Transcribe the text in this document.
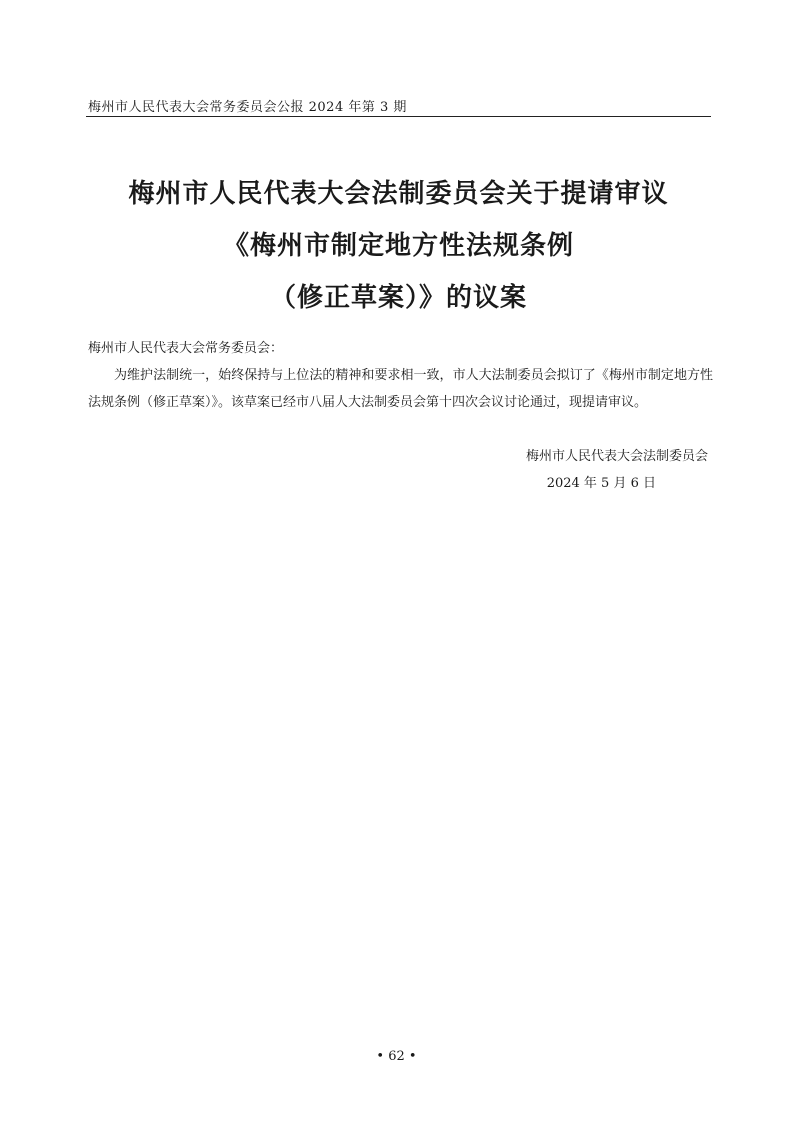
梅州市人民代表大会常务委员会公报 2024 年第 3 期
梅州市人民代表大会法制委员会关于提请审议
《梅州市制定地方性法规条例
（修正草案）》的议案
梅州市人民代表大会常务委员会：
为维护法制统一，始终保持与上位法的精神和要求相一致，市人大法制委员会拟订了《梅州市制定地方性法规条例（修正草案）》。该草案已经市八届人大法制委员会第十四次会议讨论通过，现提请审议。
梅州市人民代表大会法制委员会
2024 年 5 月 6 日
• 62 •
